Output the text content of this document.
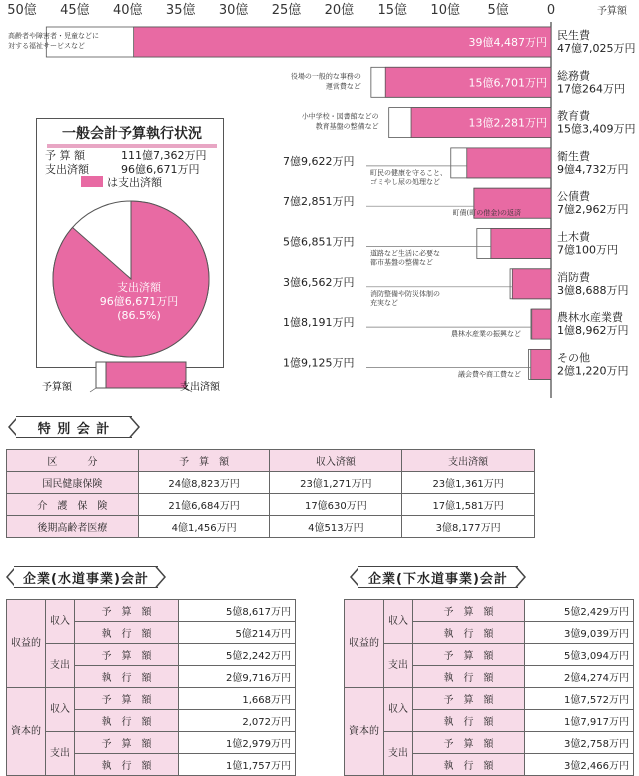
50億 45億 40億 35億 30億 25億 20億 15億 10億 5億	0	予算額
民生費
47億7,025万円
39億4,487万円
高齢者や障害者・児童などに
対する福祉サービスなど
総務費
17億264万円
15億6,701万円
役場の一般的な事務の
運営費など
教育費
15億3,409万円
13億2,281万円
小中学校・図書館などの
教育基盤の整備など
衛生費
9億4,732万円
7億9,622万円
町民の健康を守ること、
ゴミやし尿の処理など
公債費
7億2,962万円
7億2,851万円
町債(町の借金)の返済
土木費
7億100万円
5億6,851万円
道路など生活に必要な
都市基盤の整備など
消防費
3億8,688万円
3億6,562万円
消防整備や防災体制の
充実など
農林水産業費
1億8,962万円
1億8,191万円
農林水産業の振興など
その他
2億1,220万円
1億9,125万円
議会費や商工費など
一般会計予算執行状況
予 算 額	111億7,362万円
支出済額	96億6,671万円
は支出済額
支出済額
96億6,671万円
(86.5%)
予算額	支出済額
特 別 会 計
区　　　分	予　算　額	収入済額	支出済額
国民健康保険	24億8,823万円	23億1,271万円	23億1,361万円
介　護　保　険	21億6,684万円	17億630万円	17億1,581万円
後期高齢者医療	4億1,456万円	4億513万円	3億8,177万円
企業(水道事業)会計
収益的	収入	予　算　額	5億8,617万円
		執　行　額	5億214万円
	支出	予　算　額	5億2,242万円
		執　行　額	2億9,716万円
資本的	収入	予　算　額	1,668万円
		執　行　額	2,072万円
	支出	予　算　額	1億2,979万円
		執　行　額	1億1,757万円
企業(下水道事業)会計
収益的	収入	予　算　額	5億2,429万円
		執　行　額	3億9,039万円
	支出	予　算　額	5億3,094万円
		執　行　額	2億4,274万円
資本的	収入	予　算　額	1億7,572万円
		執　行　額	1億7,917万円
	支出	予　算　額	3億2,758万円
		執　行　額	3億2,466万円
